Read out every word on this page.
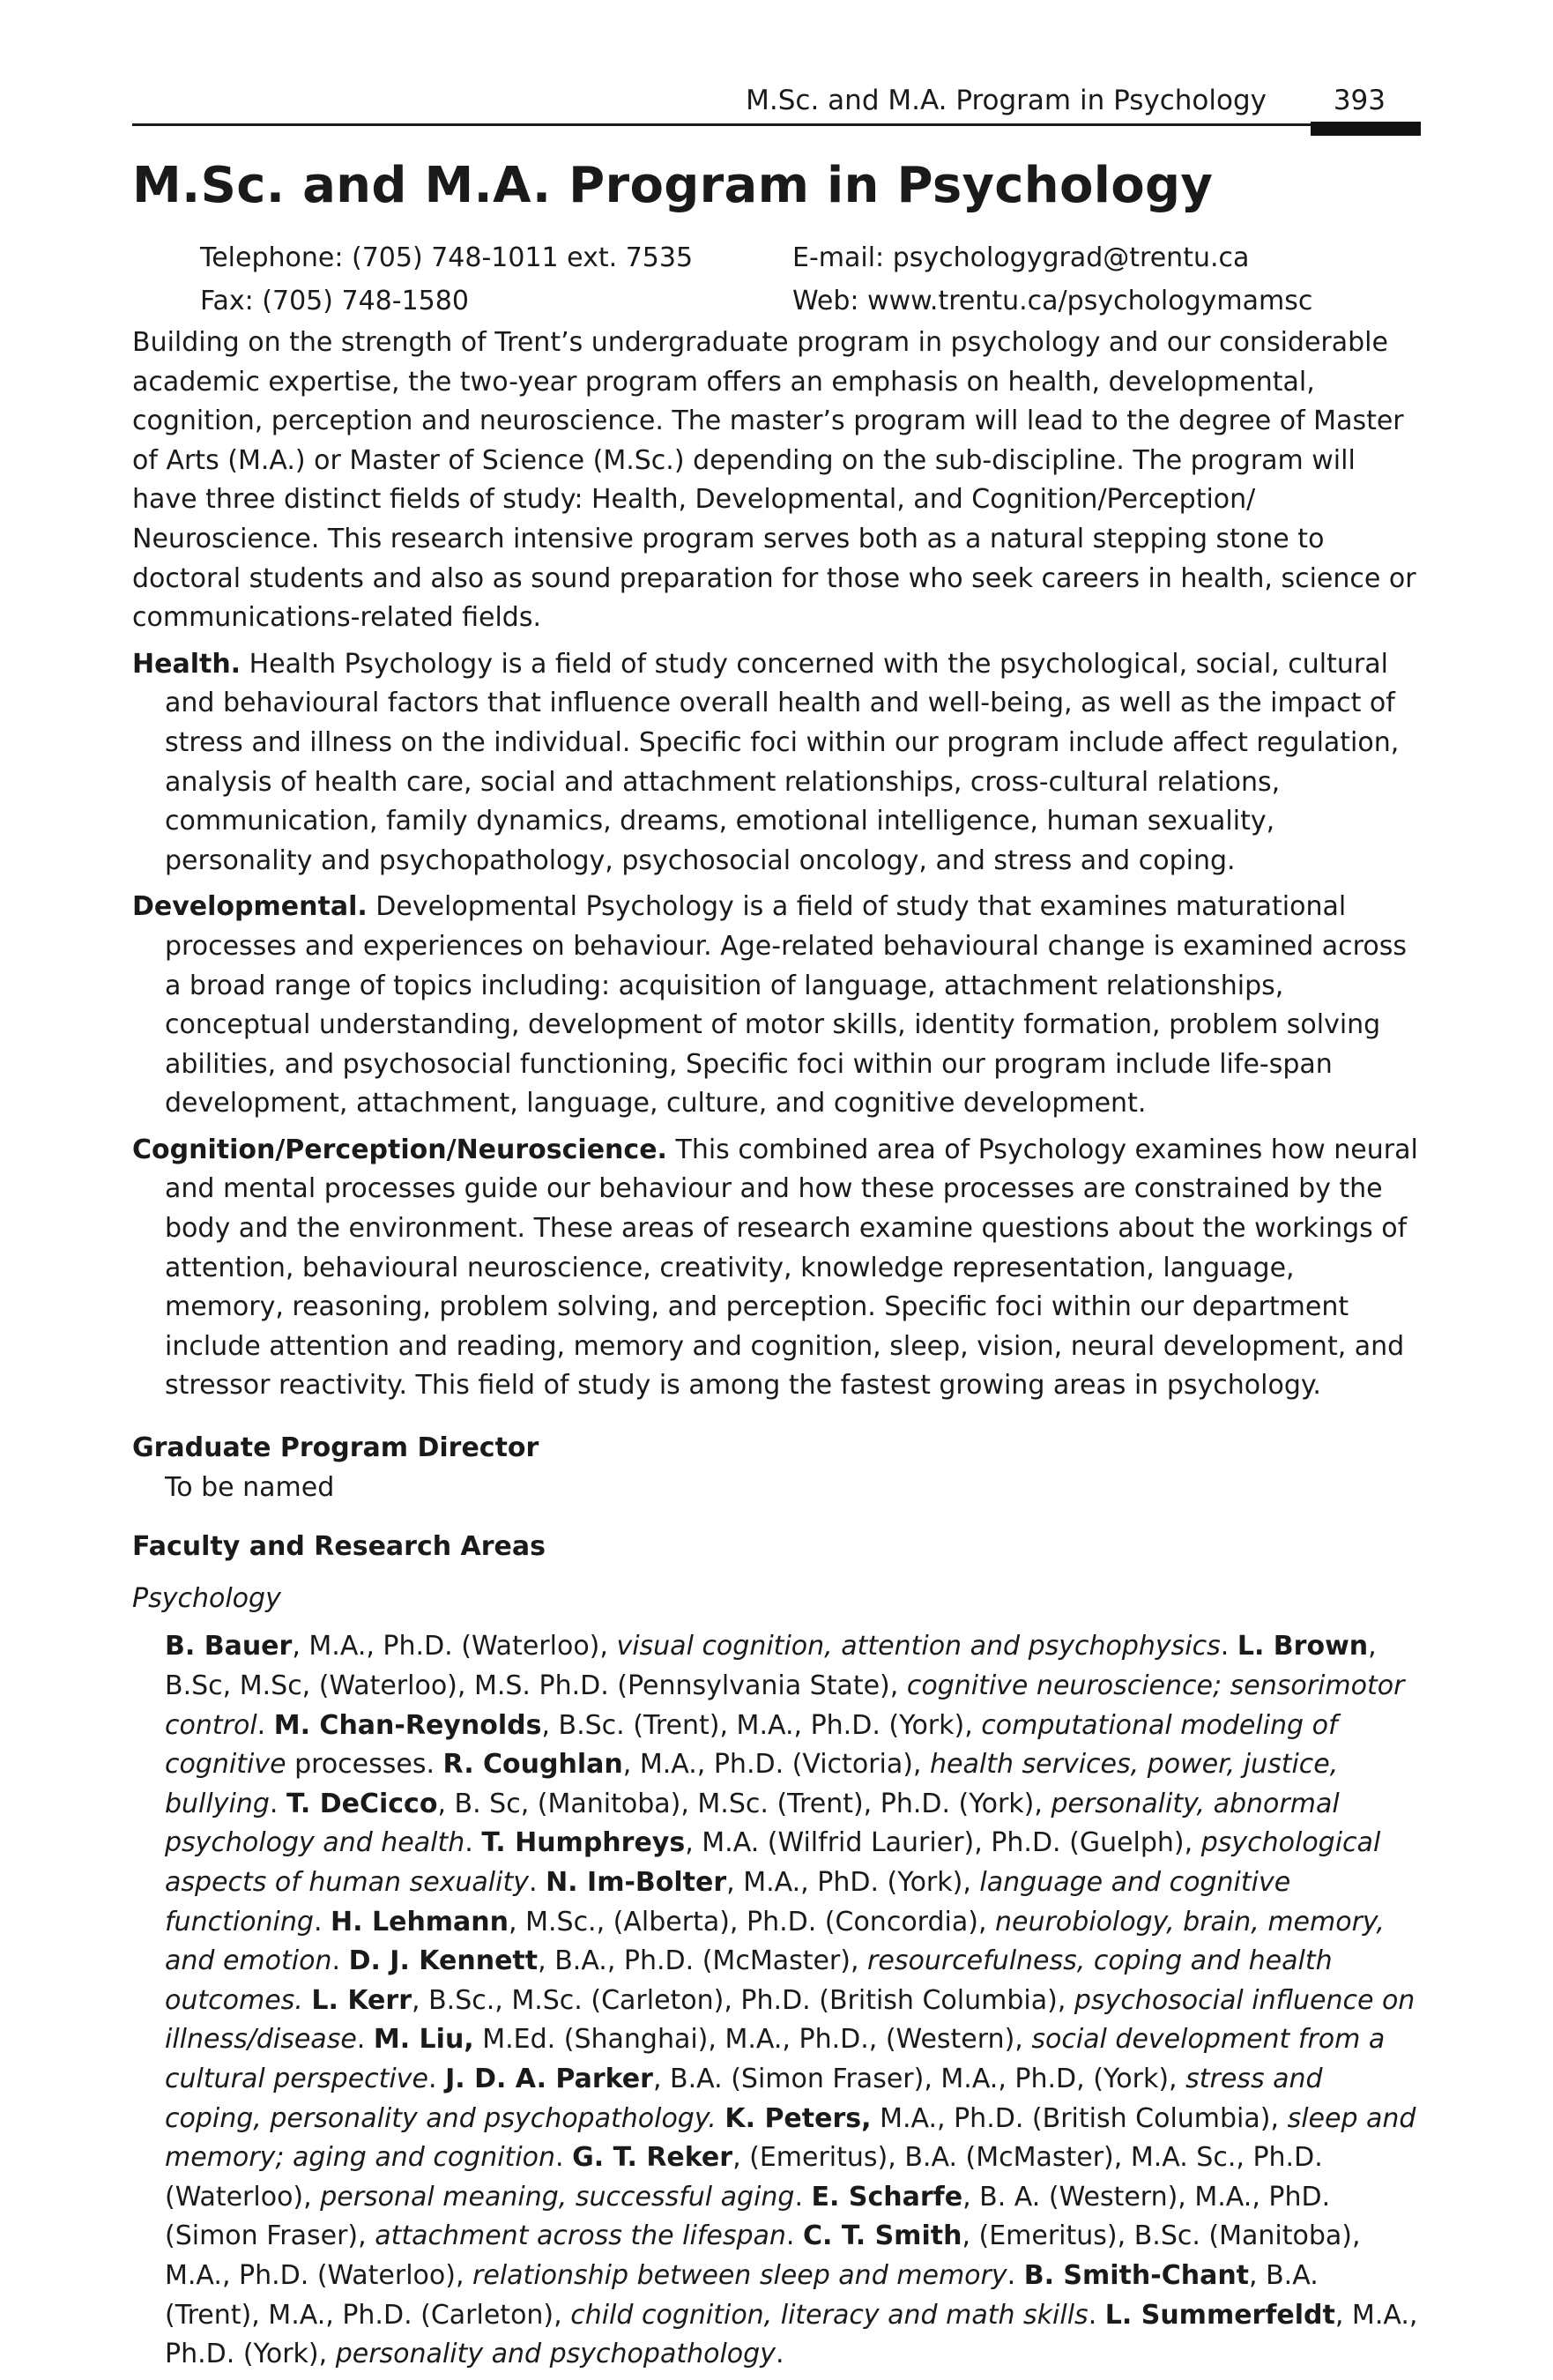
M.Sc. and M.A. Program in Psychology 393
M.Sc. and M.A. Program in Psychology
Telephone: (705) 748-1011 ext. 7535	E-mail: psychologygrad@trentu.ca
Fax: (705) 748-1580	Web: www.trentu.ca/psychologymamsc

Building on the strength of Trent’s undergraduate program in psychology and our considerable academic expertise, the two-year program offers an emphasis on health, developmental, cognition, perception and neuroscience. The master’s program will lead to the degree of Master of Arts (M.A.) or Master of Science (M.Sc.) depending on the sub-discipline. The program will have three distinct fields of study: Health, Developmental, and Cognition/Perception/ Neuroscience. This research intensive program serves both as a natural stepping stone to doctoral students and also as sound preparation for those who seek careers in health, science or communications-related fields.

Health. Health Psychology is a field of study concerned with the psychological, social, cultural and behavioural factors that influence overall health and well-being, as well as the impact of stress and illness on the individual. Specific foci within our program include affect regulation, analysis of health care, social and attachment relationships, cross-cultural relations, communication, family dynamics, dreams, emotional intelligence, human sexuality, personality and psychopathology, psychosocial oncology, and stress and coping.

Developmental. Developmental Psychology is a field of study that examines maturational processes and experiences on behaviour. Age-related behavioural change is examined across a broad range of topics including: acquisition of language, attachment relationships, conceptual understanding, development of motor skills, identity formation, problem solving abilities, and psychosocial functioning, Specific foci within our program include life-span development, attachment, language, culture, and cognitive development.

Cognition/Perception/Neuroscience. This combined area of Psychology examines how neural and mental processes guide our behaviour and how these processes are constrained by the body and the environment. These areas of research examine questions about the workings of attention, behavioural neuroscience, creativity, knowledge representation, language, memory, reasoning, problem solving, and perception. Specific foci within our department include attention and reading, memory and cognition, sleep, vision, neural development, and stressor reactivity. This field of study is among the fastest growing areas in psychology.

Graduate Program Director

To be named

Faculty and Research Areas

Psychology

B. Bauer, M.A., Ph.D. (Waterloo), visual cognition, attention and psychophysics. L. Brown, B.Sc, M.Sc, (Waterloo), M.S. Ph.D. (Pennsylvania State), cognitive neuroscience; sensorimotor control. M. Chan-Reynolds, B.Sc. (Trent), M.A., Ph.D. (York), computational modeling of cognitive processes. R. Coughlan, M.A., Ph.D. (Victoria), health services, power, justice, bullying. T. DeCicco, B. Sc, (Manitoba), M.Sc. (Trent), Ph.D. (York), personality, abnormal psychology and health. T. Humphreys, M.A. (Wilfrid Laurier), Ph.D. (Guelph), psychological aspects of human sexuality. N. Im-Bolter, M.A., PhD. (York), language and cognitive functioning. H. Lehmann, M.Sc., (Alberta), Ph.D. (Concordia), neurobiology, brain, memory, and emotion. D. J. Kennett, B.A., Ph.D. (McMaster), resourcefulness, coping and health outcomes. L. Kerr, B.Sc., M.Sc. (Carleton), Ph.D. (British Columbia), psychosocial influence on illness/disease. M. Liu, M.Ed. (Shanghai), M.A., Ph.D., (Western), social development from a cultural perspective. J. D. A. Parker, B.A. (Simon Fraser), M.A., Ph.D, (York), stress and coping, personality and psychopathology. K. Peters, M.A., Ph.D. (British Columbia), sleep and memory; aging and cognition. G. T. Reker, (Emeritus), B.A. (McMaster), M.A. Sc., Ph.D. (Waterloo), personal meaning, successful aging. E. Scharfe, B. A. (Western), M.A., PhD. (Simon Fraser), attachment across the lifespan. C. T. Smith, (Emeritus), B.Sc. (Manitoba), M.A., Ph.D. (Waterloo), relationship between sleep and memory. B. Smith-Chant, B.A. (Trent), M.A., Ph.D. (Carleton), child cognition, literacy and math skills. L. Summerfeldt, M.A., Ph.D. (York), personality and psychopathology.
